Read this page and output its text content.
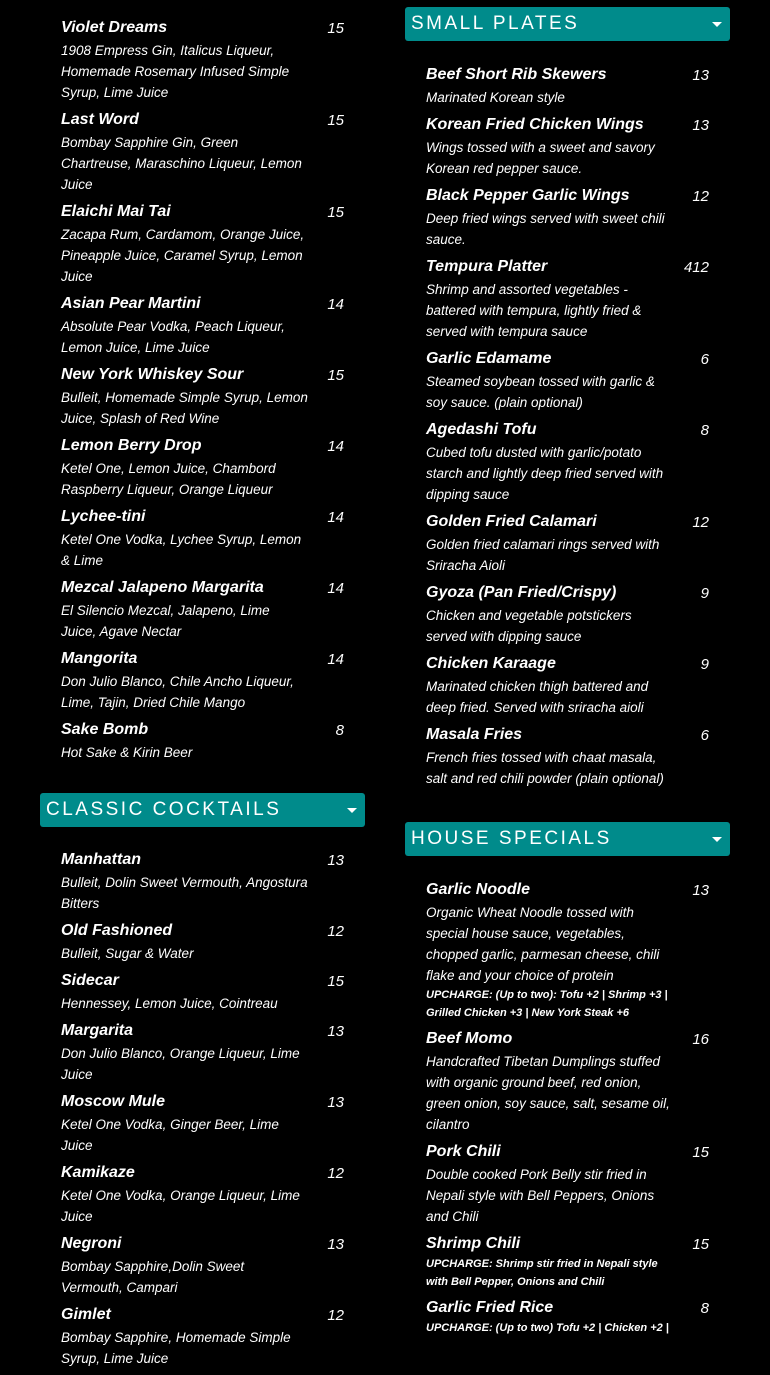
Violet Dreams	15
1908 Empress Gin, Italicus Liqueur, Homemade Rosemary Infused Simple Syrup, Lime Juice
Last Word	15
Bombay Sapphire Gin, Green Chartreuse, Maraschino Liqueur, Lemon Juice
Elaichi Mai Tai	15
Zacapa Rum, Cardamom, Orange Juice, Pineapple Juice, Caramel Syrup, Lemon Juice
Asian Pear Martini	14
Absolute Pear Vodka, Peach Liqueur, Lemon Juice, Lime Juice
New York Whiskey Sour	15
Bulleit, Homemade Simple Syrup, Lemon Juice, Splash of Red Wine
Lemon Berry Drop	14
Ketel One, Lemon Juice, Chambord Raspberry Liqueur, Orange Liqueur
Lychee-tini	14
Ketel One Vodka, Lychee Syrup, Lemon & Lime
Mezcal Jalapeno Margarita	14
El Silencio Mezcal, Jalapeno, Lime Juice, Agave Nectar
Mangorita	14
Don Julio Blanco, Chile Ancho Liqueur, Lime, Tajin, Dried Chile Mango
Sake Bomb	8
Hot Sake & Kirin Beer
CLASSIC COCKTAILS
Manhattan	13
Bulleit, Dolin Sweet Vermouth, Angostura Bitters
Old Fashioned	12
Bulleit, Sugar & Water
Sidecar	15
Hennessey, Lemon Juice, Cointreau
Margarita	13
Don Julio Blanco, Orange Liqueur, Lime Juice
Moscow Mule	13
Ketel One Vodka, Ginger Beer, Lime Juice
Kamikaze	12
Ketel One Vodka, Orange Liqueur, Lime Juice
Negroni	13
Bombay Sapphire,Dolin Sweet Vermouth, Campari
Gimlet	12
Bombay Sapphire, Homemade Simple Syrup, Lime Juice
SMALL PLATES
Beef Short Rib Skewers	13
Marinated Korean style
Korean Fried Chicken Wings	13
Wings tossed with a sweet and savory Korean red pepper sauce.
Black Pepper Garlic Wings	12
Deep fried wings served with sweet chili sauce.
Tempura Platter	412
Shrimp and assorted vegetables - battered with tempura, lightly fried & served with tempura sauce
Garlic Edamame	6
Steamed soybean tossed with garlic & soy sauce. (plain optional)
Agedashi Tofu	8
Cubed tofu dusted with garlic/potato starch and lightly deep fried served with dipping sauce
Golden Fried Calamari	12
Golden fried calamari rings served with Sriracha Aioli
Gyoza (Pan Fried/Crispy)	9
Chicken and vegetable potstickers served with dipping sauce
Chicken Karaage	9
Marinated chicken thigh battered and deep fried. Served with sriracha aioli
Masala Fries	6
French fries tossed with chaat masala, salt and red chili powder (plain optional)
HOUSE SPECIALS
Garlic Noodle	13
Organic Wheat Noodle tossed with special house sauce, vegetables, chopped garlic, parmesan cheese, chili flake and your choice of protein
UPCHARGE: (Up to two): Tofu +2 | Shrimp +3 | Grilled Chicken +3 | New York Steak +6
Beef Momo	16
Handcrafted Tibetan Dumplings stuffed with organic ground beef, red onion, green onion, soy sauce, salt, sesame oil, cilantro
Pork Chili	15
Double cooked Pork Belly stir fried in Nepali style with Bell Peppers, Onions and Chili
Shrimp Chili	15
UPCHARGE: Shrimp stir fried in Nepali style with Bell Pepper, Onions and Chili
Garlic Fried Rice	8
UPCHARGE: (Up to two) Tofu +2 | Chicken +2 |
